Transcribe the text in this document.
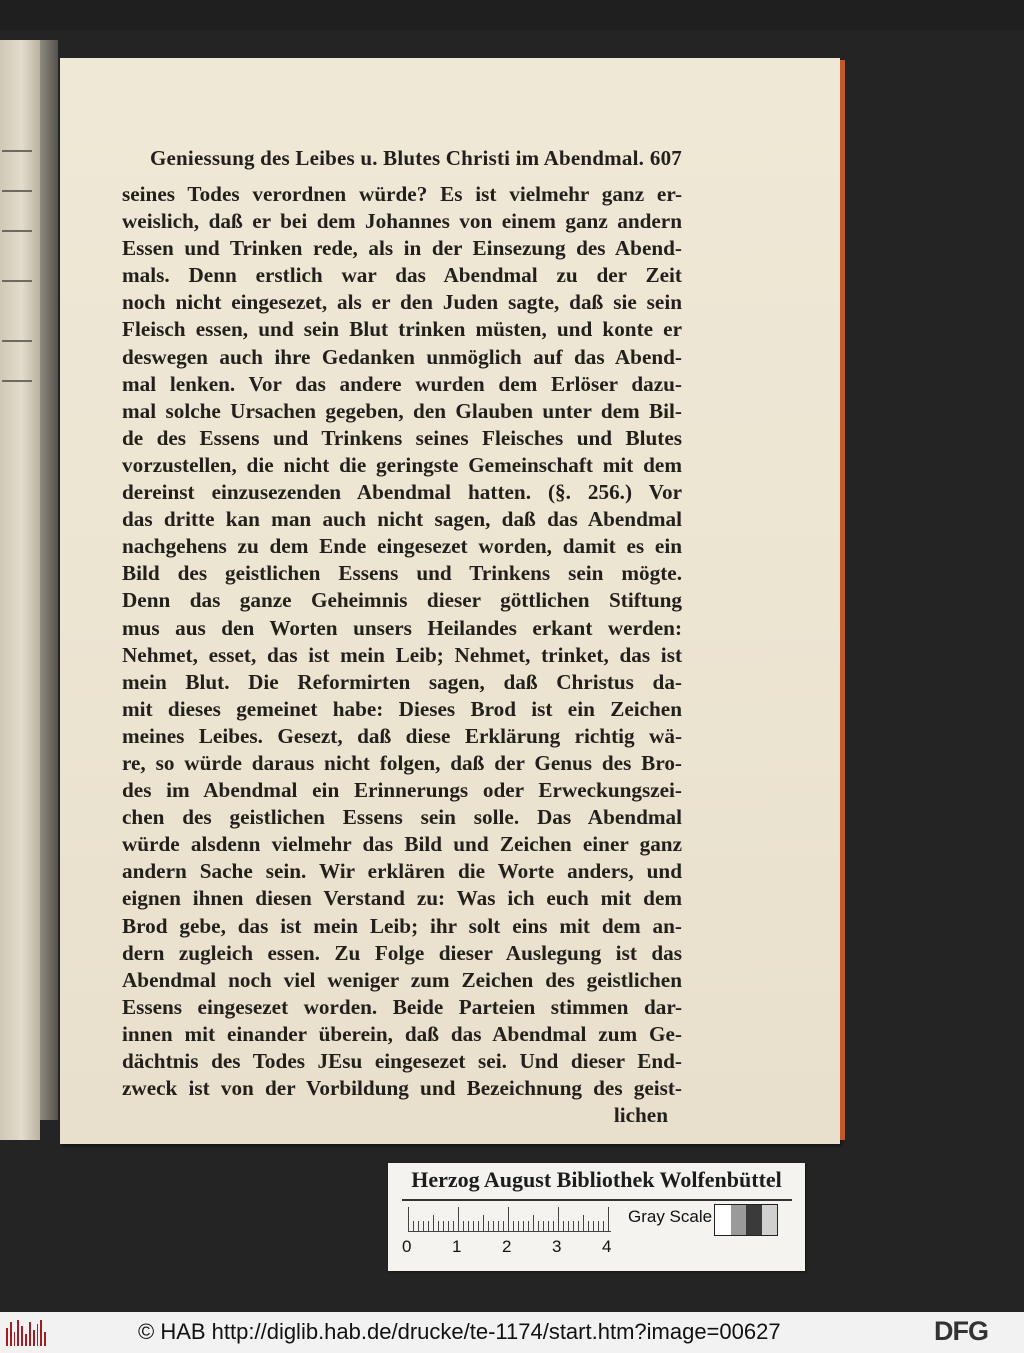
Geniessung des Leibes u. Blutes Christi im Abendmal. 607
seines Todes verordnen würde? Es ist vielmehr ganz er-
weislich, daß er bei dem Johannes von einem ganz andern
Essen und Trinken rede, als in der Einsezung des Abend-
mals. Denn erstlich war das Abendmal zu der Zeit
noch nicht eingesezet, als er den Juden sagte, daß sie sein
Fleisch essen, und sein Blut trinken müsten, und konte er
deswegen auch ihre Gedanken unmöglich auf das Abend-
mal lenken. Vor das andere wurden dem Erlöser dazu-
mal solche Ursachen gegeben, den Glauben unter dem Bil-
de des Essens und Trinkens seines Fleisches und Blutes
vorzustellen, die nicht die geringste Gemeinschaft mit dem
dereinst einzusezenden Abendmal hatten. (§. 256.) Vor
das dritte kan man auch nicht sagen, daß das Abendmal
nachgehens zu dem Ende eingesezet worden, damit es ein
Bild des geistlichen Essens und Trinkens sein mögte.
Denn das ganze Geheimnis dieser göttlichen Stiftung
mus aus den Worten unsers Heilandes erkant werden:
Nehmet, esset, das ist mein Leib; Nehmet, trinket, das ist
mein Blut. Die Reformirten sagen, daß Christus da-
mit dieses gemeinet habe: Dieses Brod ist ein Zeichen
meines Leibes. Gesezt, daß diese Erklärung richtig wä-
re, so würde daraus nicht folgen, daß der Genus des Bro-
des im Abendmal ein Erinnerungs oder Erweckungszei-
chen des geistlichen Essens sein solle. Das Abendmal
würde alsdenn vielmehr das Bild und Zeichen einer ganz
andern Sache sein. Wir erklären die Worte anders, und
eignen ihnen diesen Verstand zu: Was ich euch mit dem
Brod gebe, das ist mein Leib; ihr solt eins mit dem an-
dern zugleich essen. Zu Folge dieser Auslegung ist das
Abendmal noch viel weniger zum Zeichen des geistlichen
Essens eingesezet worden. Beide Parteien stimmen dar-
innen mit einander überein, daß das Abendmal zum Ge-
dächtnis des Todes JEsu eingesezet sei. Und dieser End-
zweck ist von der Vorbildung und Bezeichnung des geist-
lichen
Herzog August Bibliothek Wolfenbüttel
0 1 2 3 4
Gray Scale
© HAB http://diglib.hab.de/drucke/te-1174/start.htm?image=00627	DFG
